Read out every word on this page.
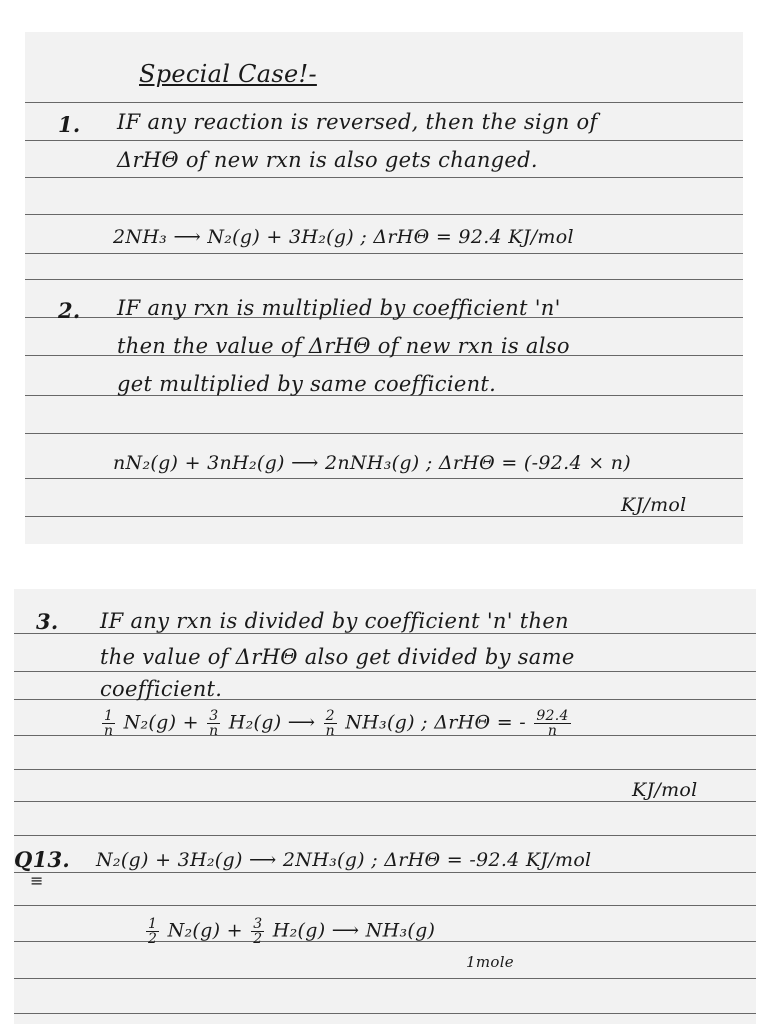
Special Case!-
1. IF any reaction is reversed, then the sign of
ΔrHΘ of new rxn is also gets changed.
2NH₃ ⟶ N₂(g) + 3H₂(g) ; ΔrHΘ = 92.4 KJ/mol
2. IF any rxn is multiplied by coefficient 'n'
then the value of ΔrHΘ of new rxn is also
get multiplied by same coefficient.
nN₂(g) + 3nH₂(g) ⟶ 2nNH₃(g) ; ΔrHΘ = (-92.4 × n)
KJ/mol
3. IF any rxn is divided by coefficient 'n' then
the value of ΔrHΘ also get divided by same
coefficient.
$\frac{1}{n} N_2(g) + \frac{3}{n} H_2(g)$ ⟶ $\frac{2}{n} NH_3(g)$ ; ΔrHΘ = - $\frac{92.4}{n}$
KJ/mol
Q13.
≡
N₂(g) + 3H₂(g) ⟶ 2NH₃(g) ; ΔrHΘ = -92.4 KJ/mol
$\frac{1}{2} N_2(g) + \frac{3}{2} H_2(g)$ ⟶ NH₃(g)
1mole
